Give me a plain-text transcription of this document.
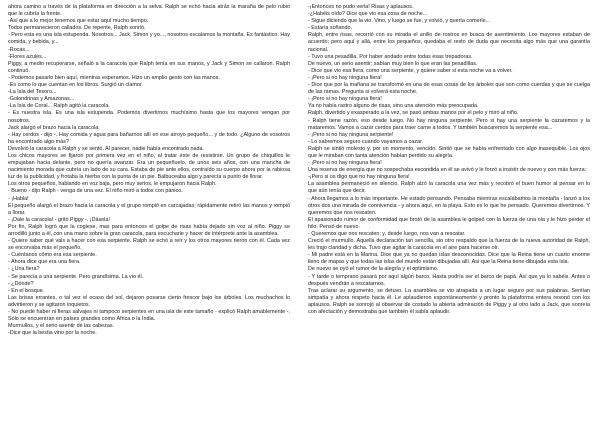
ahora camino a través de la plataforma en dirección a la selva. Ralph se echó hacia atrás la maraña de pelo rubio que le cubría la frente.

-Así que a lo mejor tenemos que estar aquí mucho tiempo.

Todos permanecieron callados. De repente, Ralph sonrió.

- Pero esta es una isla estupenda. Nosotros... Jack, Simon y yo..., nosotros escalamos la montaña. Es fantástico. Hay comida, y bebida, y...

-Rocas...

-Flores azules...

Piggy, a medio recuperarse, señaló a la caracola que Ralph tenía en sus manos, y Jack y Simon se callaron. Ralph continuó.

- Podemos pasarlo bien aquí, mientras esperamos. Hizo un amplio gesto con las manos.

-Es como lo que cuentan en los libros. Surgió un clamor.

-La Isla del Tesoro...

-Golondrinas y Amazonas...

-La Isla de Coral... Ralph agitó la caracola.

- Es nuestra isla. Es una isla estupenda. Podemos divertirnos muchísimo hasta que los mayores vengan por nosotros.

Jack alargó el brazo hacia la caracola.

- Hay cerdos - dijo -. Hay comida y agua para bañarnos allí en ese arroyo pequeño... y de todo. ¿Alguno de vosotros ha encontrado algo más?

Devolvió la caracola a Ralph y se sentó. Al parecer, nadie había encontrado nada.

Los chicos mayores se fijaron por primera vez en el niño, al tratar éste de resistirse. Un grupo de chiquillos le empujaban hacia delante, pero no quería avanzar. Era un pequeñuelo, de unos seis años, con una mancha de nacimiento morada que cubría un lado de su cara. Estaba de pie ante ellos, contraído su cuerpo ahora por la rabiosa luz de la publicidad, y frotaba la hierba con la punta de un pie. Balbuceaba algo y parecía a punto de llorar.

Los otros pequeños, hablando en voz baja, pero muy serios, le empujaron hacia Ralph.

- Bueno - dijo Ralph - venga de una vez. El niño miró a todos con pánico.

- ¡Habla!

El pequeño alargó el brazo hacia la caracola y el grupo rompió en carcajadas; rápidamente retiró las manos y rompió a llorar.

- ¡Dale la caracola! - gritó Piggy -. ¡Dásela!

Por fin, Ralph logró que la cogiese, mas para entonces el golpe de risas había dejado sin voz al niño. Piggy se arrodilló junto a él, con una mano sobre la gran caracola, para escucharle y hacer de intérprete ante la asamblea.

- Quiere saber qué vais a hacer con esa serpiente. Ralph se echó a reír y los otros mayores rieron con él. Cada vez se encorvaba más el pequeño.

- Cuéntanos cómo era esa serpiente.

- Ahora dice que era una fiera.

- ¿Una fiera?

- Se parecía a una serpiente. Pero grandísima. La vio él.

- ¿Dónde?

- En el bosque.

Las brisas errantes, o tal vez el ocaso del sol, dejaron posarse cierto frescor bajo los árboles. Los muchachos lo advirtieron y se agitaron inquietos.

- No puede haber ni fieras salvajes ni tampoco serpientes en una isla de este tamaño - explicó Ralph amablemente -. Sólo se encuentran en países grandes como África o la India.

Murmullos, y el serio asentir de las cabezas.

-Dice que la bestia vino por la noche.

-¡Entonces no pudo verla! Risas y aplausos.

-¿Habéis oído? Dice que vio esa cosa de noche...

- Sigue diciendo que la vio. Vino, y luego se fue, y volvió, y quería comerle...

- Estaría soñando.

Ralph, entre risas, recorrió con su mirada el anillo de rostros en busca de asentimiento. Los mayores estaban de acuerdo; pero aquí y allá, entre los pequeños, quedaba el resto de duda que necesita algo más que una garantía racional.

- Tuvo una pesadilla. Por haber andado entre todas esas trepadoras.

De nuevo, un serio asentir; sabían muy bien lo que eran las pesadillas.

- Dice que vio esa fiera, como una serpiente, y quiere saber si esta noche va a volver.

- ¡Pero si no hay ninguna fiera!

- Dice que por la mañana se transformó en una de esas cosas de los árboles que son como cuerdas y que se cuelga de las ramas. Pregunta si volverá esta noche.

- ¡Pero si no hay ninguna fiera!

Ya no había rastro alguno de risas, sino una atención más preocupada.

Ralph, divertido y exasperado a la vez, se pasó ambas manos por el pelo y miró al niño.

- Ralph tiene razón, eso desde luego. No hay ninguna serpiente. Pero si hay una serpiente la cazaremos y la mataremos. Vamos a cazar cerdos para traer carne a todos. Y también buscaremos la serpiente esa...

- ¡Pero si no hay ninguna serpiente!

- Lo sabremos seguro cuando vayamos a cazar.

Ralph se sintió molesto y, por un momento, vencido. Sintió que se había enfrentado con algo inasequible. Los ojos que le miraban con tanta atención habían perdido su alegría.

- ¡Pero si no hay ninguna fiera!

Una reserva de energía que no sospechaba escondida en él se avivó y le forzó a insistir de nuevo y con más fuerza:

-¡Pero si os digo que no hay ninguna fiera!

La asamblea permaneció en silencio. Ralph alzó la caracola una vez más y recobró el buen humor al pensar en lo que aún tenía que decir.

- Ahora llegamos a lo más importante. He estado pensando. Pensaba mientras escalábamos la montaña - lanzó a los otros dos una mirada de connivencia - y ahora aquí, en la playa. Esto es lo que he pensado. Queremos divertirnos. Y queremos que nos rescaten.

El apasionado rumor de conformidad que brotó de la asamblea le golpeó con la fuerza de una ola y le hizo perder el hilo. Pensó de nuevo.

- Queremos que nos rescaten; y, desde luego, nos van a rescatar.

Creció el murmullo. Aquella declaración tan sencilla, sin otro respaldo que la fuerza de la nueva autoridad de Ralph, les trajo claridad y dicha. Tuvo que agitar la caracola en el aire para hacerse oír.

- Mi padre está en la Marina. Dice que ya no quedan islas desconocidas. Dice que la Reina tiene un cuarto enorme lleno de mapas y que todas las islas del mundo están dibujadas allí. Así que la Reina tiene dibujada esta isla.

De nuevo se oyó el rumor de la alegría y el optimismo.

- Y tarde o temprano pasará por aquí algún barco. Hasta podría ser el barco de papá. Así que ya lo sabéis. Antes o después vendrán a rescatarnos.

Tras aclarar su argumento, se detuvo. La asamblea se vio atrapada a un lugar seguro por sus palabras. Sentían simpatía y ahora respeto hacia él. Le aplaudieron espontáneamente y pronto la plataforma entera resonó con los aplausos. Ralph se sonrojó al observar de costado la abierta admiración de Piggy y al otro lado a Jack, que sonreía con afectación y demostraba que también él sabía aplaudir.
